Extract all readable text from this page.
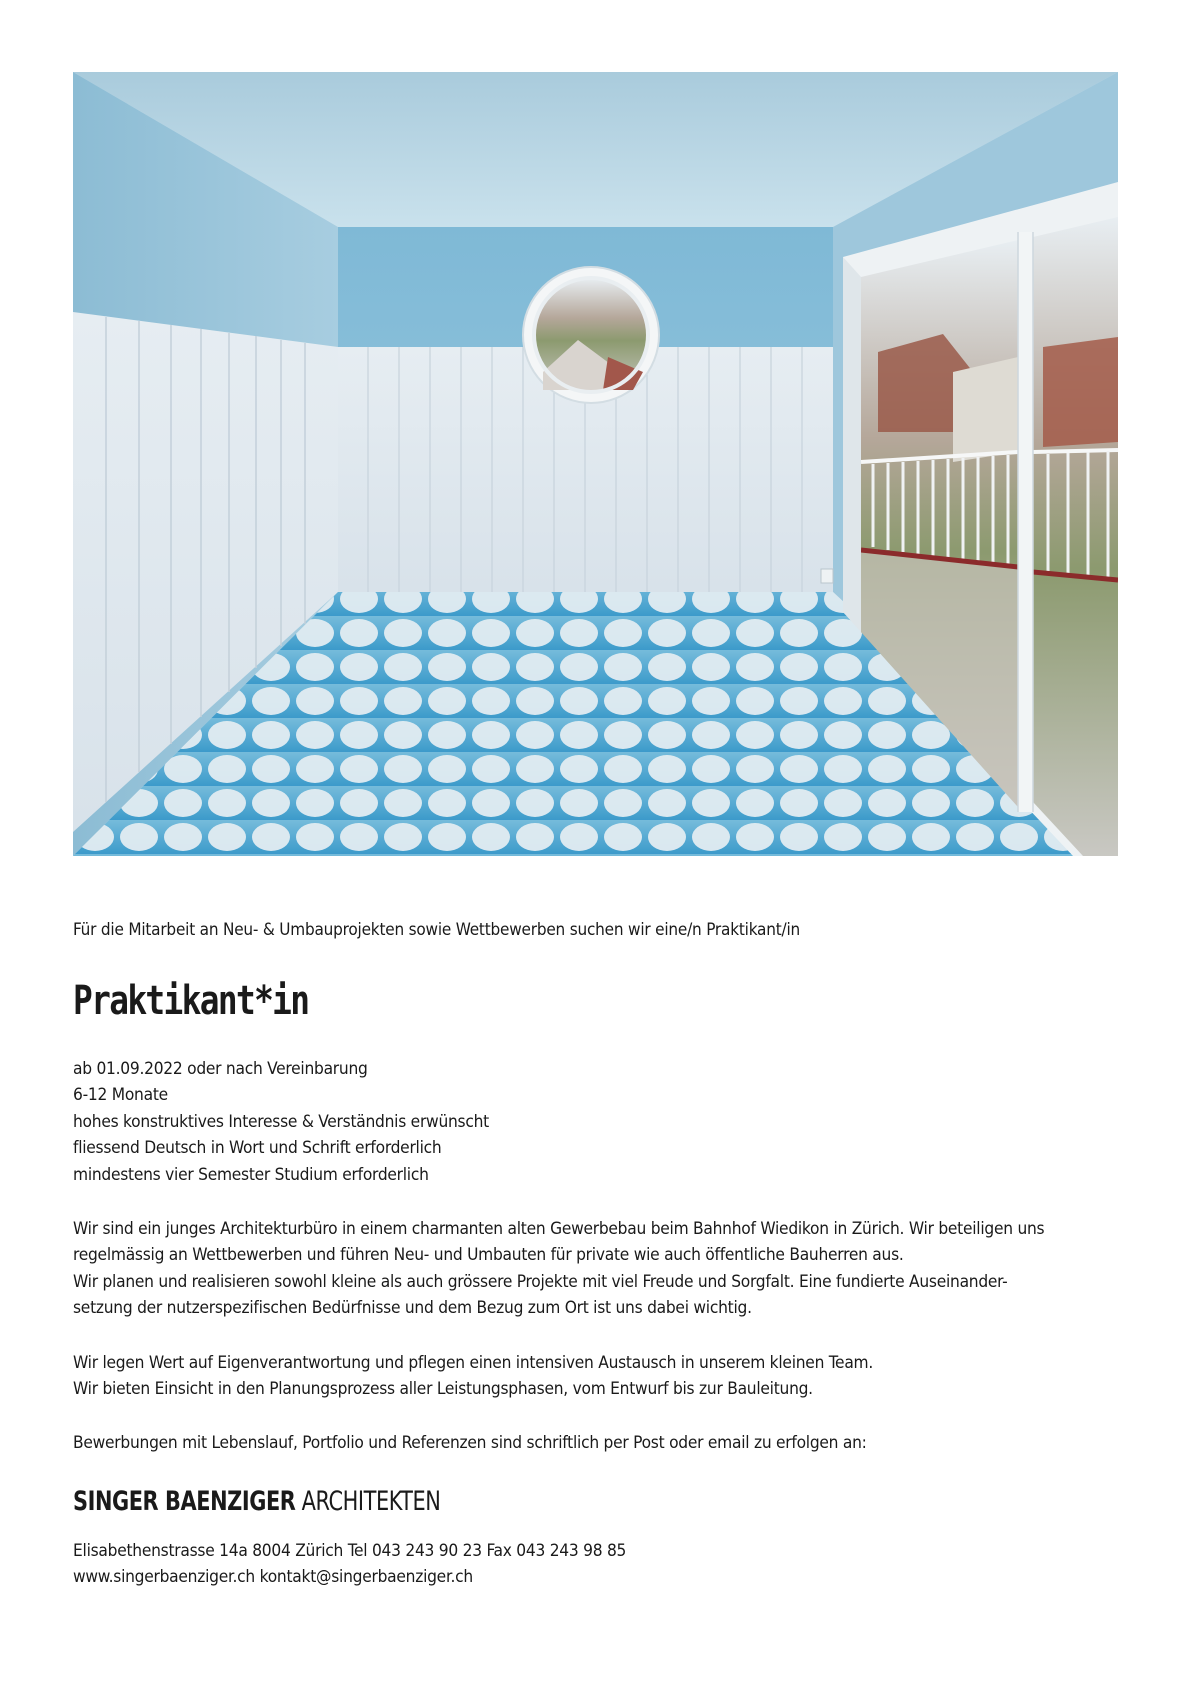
Für die Mitarbeit an Neu- & Umbauprojekten sowie Wettbewerben suchen wir eine/n Praktikant/in
Praktikant*in

ab 01.09.2022 oder nach Vereinbarung

6-12 Monate

hohes konstruktives Interesse & Verständnis erwünscht

fliessend Deutsch in Wort und Schrift erforderlich

mindestens vier Semester Studium erforderlich

Wir sind ein junges Architekturbüro in einem charmanten alten Gewerbebau beim Bahnhof Wiedikon in Zürich. Wir beteiligen uns

regelmässig an Wettbewerben und führen Neu- und Umbauten für private wie auch öffentliche Bauherren aus.

Wir planen und realisieren sowohl kleine als auch grössere Projekte mit viel Freude und Sorgfalt. Eine fundierte Auseinander-

setzung der nutzerspezifischen Bedürfnisse und dem Bezug zum Ort ist uns dabei wichtig.

Wir legen Wert auf Eigenverantwortung und pflegen einen intensiven Austausch in unserem kleinen Team.

Wir bieten Einsicht in den Planungsprozess aller Leistungsphasen, vom Entwurf bis zur Bauleitung.

Bewerbungen mit Lebenslauf, Portfolio und Referenzen sind schriftlich per Post oder email zu erfolgen an:

SINGER BAENZIGER ARCHITEKTEN

Elisabethenstrasse 14a 8004 Zürich Tel 043 243 90 23 Fax 043 243 98 85

www.singerbaenziger.ch kontakt@singerbaenziger.ch
